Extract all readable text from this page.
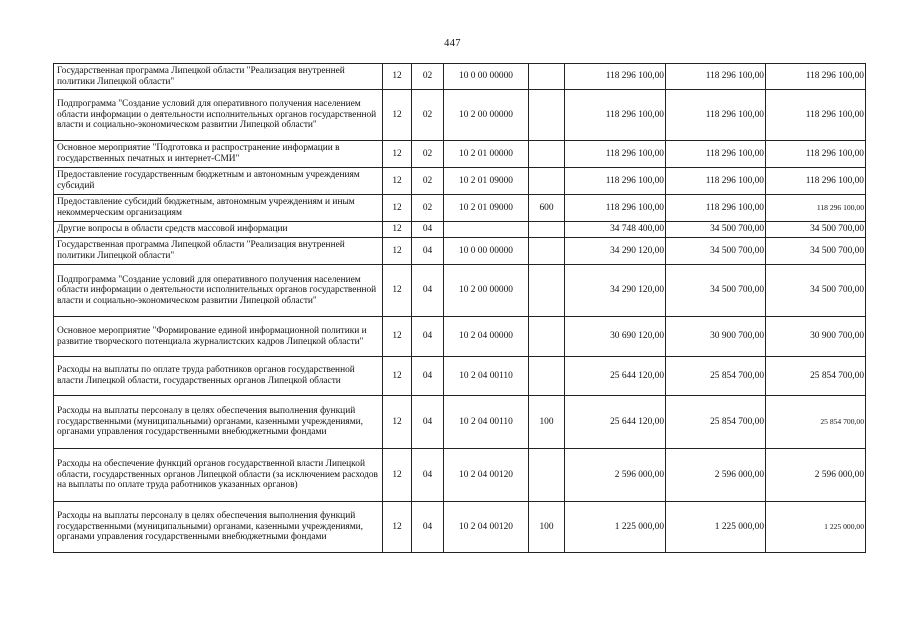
447
Государственная программа Липецкой области "Реализация внутренней политики Липецкой области"	12	02	10 0 00 00000		118 296 100,00	118 296 100,00	118 296 100,00
Подпрограмма "Создание условий для оперативного получения населением области информации о деятельности исполнительных органов государственной власти и социально-экономическом развитии Липецкой области"	12	02	10 2 00 00000		118 296 100,00	118 296 100,00	118 296 100,00
Основное мероприятие "Подготовка и распространение информации в государственных печатных и интернет-СМИ"	12	02	10 2 01 00000		118 296 100,00	118 296 100,00	118 296 100,00
Предоставление государственным бюджетным и автономным учреждениям субсидий	12	02	10 2 01 09000		118 296 100,00	118 296 100,00	118 296 100,00
Предоставление субсидий бюджетным, автономным учреждениям и иным некоммерческим организациям	12	02	10 2 01 09000	600	118 296 100,00	118 296 100,00	118 296 100,00
Другие вопросы в области средств массовой информации	12	04			34 748 400,00	34 500 700,00	34 500 700,00
Государственная программа Липецкой области "Реализация внутренней политики Липецкой области"	12	04	10 0 00 00000		34 290 120,00	34 500 700,00	34 500 700,00
Подпрограмма "Создание условий для оперативного получения населением области информации о деятельности исполнительных органов государственной власти и социально-экономическом развитии Липецкой области"	12	04	10 2 00 00000		34 290 120,00	34 500 700,00	34 500 700,00
Основное мероприятие "Формирование единой информационной политики и развитие творческого потенциала журналистских кадров Липецкой области"	12	04	10 2 04 00000		30 690 120,00	30 900 700,00	30 900 700,00
Расходы на выплаты по оплате труда работников органов государственной власти Липецкой области, государственных органов Липецкой области	12	04	10 2 04 00110		25 644 120,00	25 854 700,00	25 854 700,00
Расходы на выплаты персоналу в целях обеспечения выполнения функций государственными (муниципальными) органами, казенными учреждениями, органами управления государственными внебюджетными фондами	12	04	10 2 04 00110	100	25 644 120,00	25 854 700,00	25 854 700,00
Расходы на обеспечение функций органов государственной власти Липецкой области, государственных органов Липецкой области (за исключением расходов на выплаты по оплате труда работников указанных органов)	12	04	10 2 04 00120		2 596 000,00	2 596 000,00	2 596 000,00
Расходы на выплаты персоналу в целях обеспечения выполнения функций государственными (муниципальными) органами, казенными учреждениями, органами управления государственными внебюджетными фондами	12	04	10 2 04 00120	100	1 225 000,00	1 225 000,00	1 225 000,00
